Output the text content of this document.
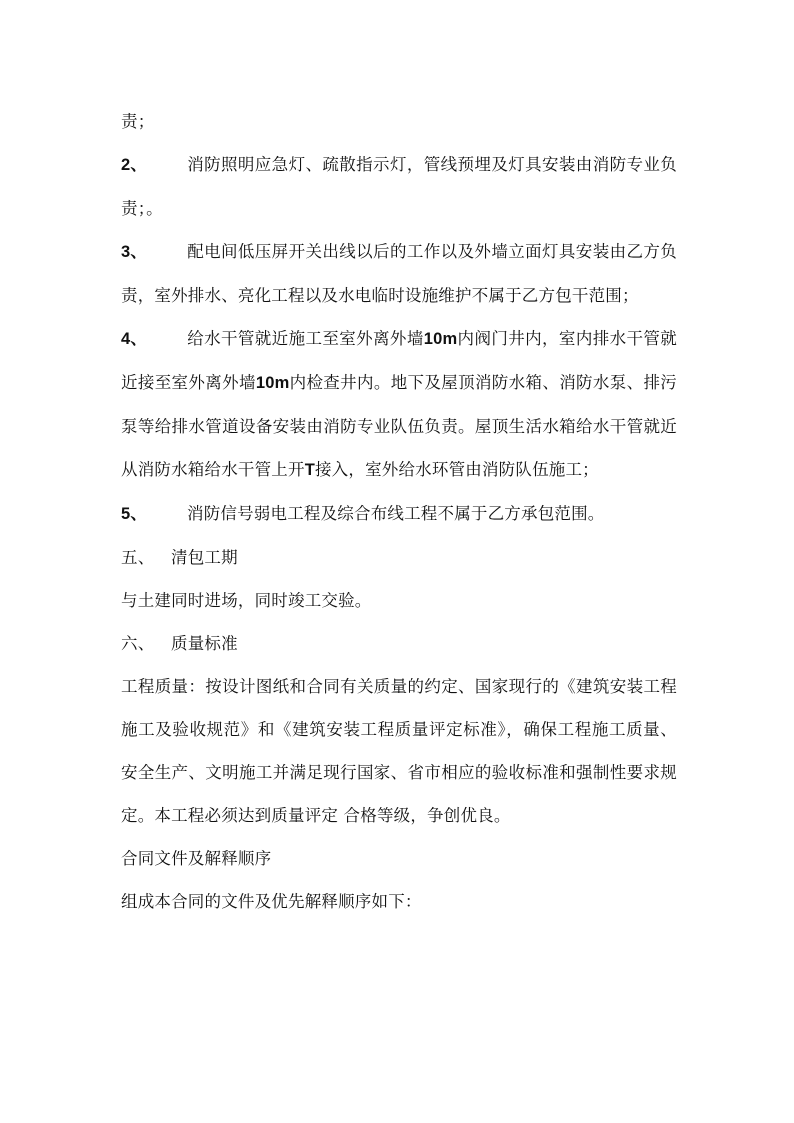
责；

2、 消防照明应急灯、疏散指示灯，管线预埋及灯具安装由消防专业负责；。

3、 配电间低压屏开关出线以后的工作以及外墙立面灯具安装由乙方负责，室外排水、亮化工程以及水电临时设施维护不属于乙方包干范围；

4、 给水干管就近施工至室外离外墙10m内阀门井内，室内排水干管就近接至室外离外墙10m内检查井内。地下及屋顶消防水箱、消防水泵、排污泵等给排水管道设备安装由消防专业队伍负责。屋顶生活水箱给水干管就近从消防水箱给水干管上开T接入，室外给水环管由消防队伍施工；

5、 消防信号弱电工程及综合布线工程不属于乙方承包范围。

五、 清包工期

与土建同时进场，同时竣工交验。

六、 质量标准

工程质量：按设计图纸和合同有关质量的约定、国家现行的《建筑安装工程施工及验收规范》和《建筑安装工程质量评定标准》，确保工程施工质量、安全生产、文明施工并满足现行国家、省市相应的验收标准和强制性要求规定。本工程必须达到质量评定 合格等级，争创优良。

合同文件及解释顺序

组成本合同的文件及优先解释顺序如下：
